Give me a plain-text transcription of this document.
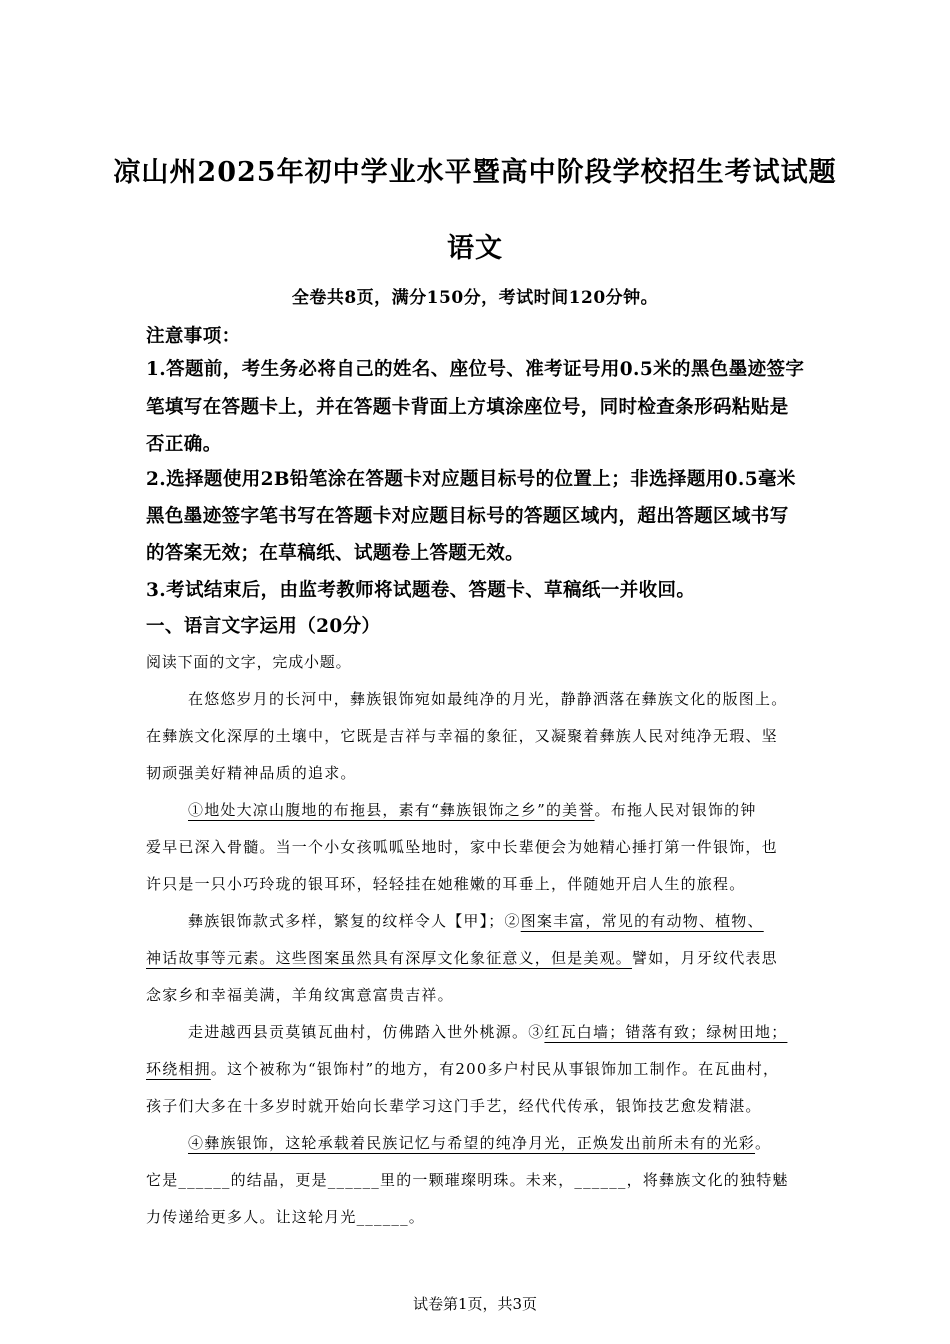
凉山州2025年初中学业水平暨高中阶段学校招生考试试题
语文
全卷共8页，满分150分，考试时间120分钟。
注意事项：
1.答题前，考生务必将自己的姓名、座位号、准考证号用0.5米的黑色墨迹签字
笔填写在答题卡上，并在答题卡背面上方填涂座位号，同时检查条形码粘贴是
否正确。
2.选择题使用2B铅笔涂在答题卡对应题目标号的位置上；非选择题用0.5毫米
黑色墨迹签字笔书写在答题卡对应题目标号的答题区域内，超出答题区域书写
的答案无效；在草稿纸、试题卷上答题无效。
3.考试结束后，由监考教师将试题卷、答题卡、草稿纸一并收回。
一、语言文字运用（20分）
阅读下面的文字，完成小题。
在悠悠岁月的长河中，彝族银饰宛如最纯净的月光，静静洒落在彝族文化的版图上。
在彝族文化深厚的土壤中，它既是吉祥与幸福的象征，又凝聚着彝族人民对纯净无瑕、坚
韧顽强美好精神品质的追求。
①地处大凉山腹地的布拖县，素有“彝族银饰之乡”的美誉。布拖人民对银饰的钟
爱早已深入骨髓。当一个小女孩呱呱坠地时，家中长辈便会为她精心捶打第一件银饰，也
许只是一只小巧玲珑的银耳环，轻轻挂在她稚嫩的耳垂上，伴随她开启人生的旅程。
彝族银饰款式多样，繁复的纹样令人【甲】；②图案丰富，常见的有动物、植物、
神话故事等元素。这些图案虽然具有深厚文化象征意义，但是美观。譬如，月牙纹代表思
念家乡和幸福美满，羊角纹寓意富贵吉祥。
走进越西县贡莫镇瓦曲村，仿佛踏入世外桃源。③红瓦白墙；错落有致；绿树田地；
环绕相拥。这个被称为“银饰村”的地方，有200多户村民从事银饰加工制作。在瓦曲村，
孩子们大多在十多岁时就开始向长辈学习这门手艺，经代代传承，银饰技艺愈发精湛。
④彝族银饰，这轮承载着民族记忆与希望的纯净月光，正焕发出前所未有的光彩。
它是______的结晶，更是______里的一颗璀璨明珠。未来，______，将彝族文化的独特魅
力传递给更多人。让这轮月光______。
试卷第1页，共3页
